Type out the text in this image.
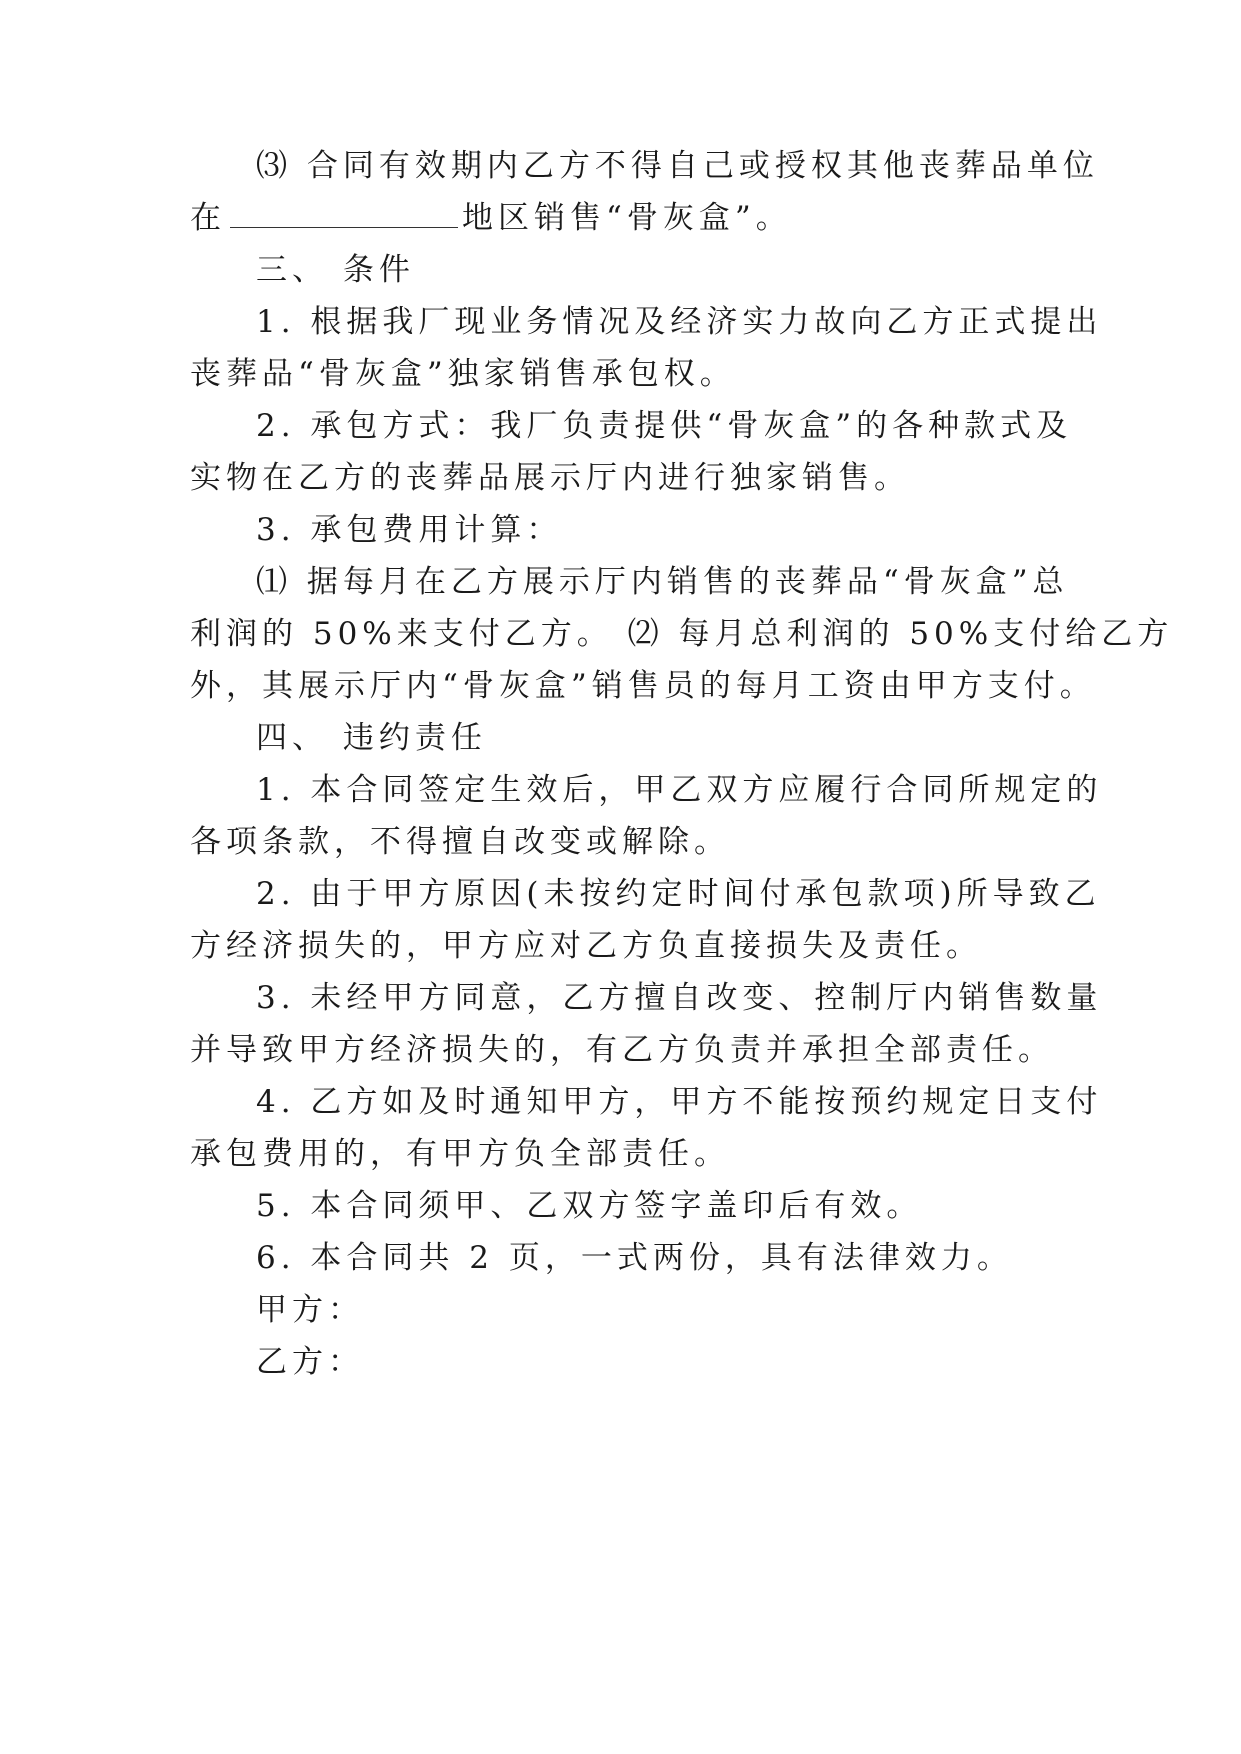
⑶ 合同有效期内乙方不得自己或授权其他丧葬品单位
在	地区销售“骨灰盒”。
三、 条件
1. 根据我厂现业务情况及经济实力故向乙方正式提出
丧葬品“骨灰盒”独家销售承包权。
2. 承包方式：我厂负责提供“骨灰盒”的各种款式及
实物在乙方的丧葬品展示厅内进行独家销售。
3. 承包费用计算：
⑴ 据每月在乙方展示厅内销售的丧葬品“骨灰盒”总
利润的 50%来支付乙方。 ⑵ 每月总利润的 50%支付给乙方
外，其展示厅内“骨灰盒”销售员的每月工资由甲方支付。
四、 违约责任
1. 本合同签定生效后，甲乙双方应履行合同所规定的
各项条款，不得擅自改变或解除。
2. 由于甲方原因(未按约定时间付承包款项)所导致乙
方经济损失的，甲方应对乙方负直接损失及责任。
3. 未经甲方同意，乙方擅自改变、控制厅内销售数量
并导致甲方经济损失的，有乙方负责并承担全部责任。
4. 乙方如及时通知甲方，甲方不能按预约规定日支付
承包费用的，有甲方负全部责任。
5. 本合同须甲、乙双方签字盖印后有效。
6. 本合同共 2 页，一式两份，具有法律效力。
甲方：
乙方：
